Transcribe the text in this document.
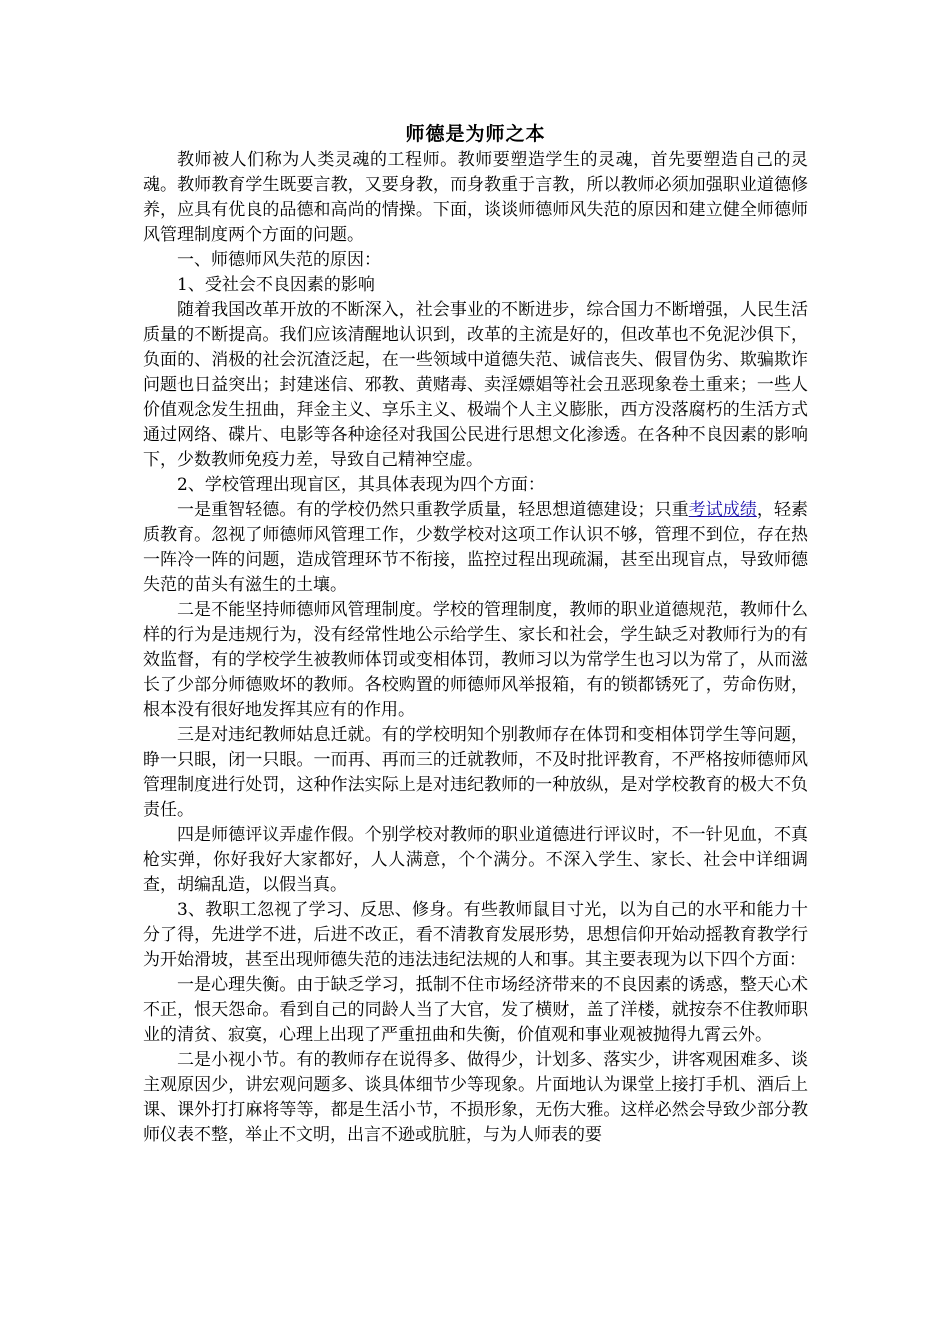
师德是为师之本

教师被人们称为人类灵魂的工程师。教师要塑造学生的灵魂，首先要塑造自己的灵魂。教师教育学生既要言教，又要身教，而身教重于言教，所以教师必须加强职业道德修养，应具有优良的品德和高尚的情操。下面，谈谈师德师风失范的原因和建立健全师德师风管理制度两个方面的问题。

一、师德师风失范的原因：

1、受社会不良因素的影响

随着我国改革开放的不断深入，社会事业的不断进步，综合国力不断增强，人民生活质量的不断提高。我们应该清醒地认识到，改革的主流是好的，但改革也不免泥沙俱下，负面的、消极的社会沉渣泛起，在一些领域中道德失范、诚信丧失、假冒伪劣、欺骗欺诈问题也日益突出；封建迷信、邪教、黄赌毒、卖淫嫖娼等社会丑恶现象卷土重来；一些人价值观念发生扭曲，拜金主义、享乐主义、极端个人主义膨胀，西方没落腐朽的生活方式通过网络、碟片、电影等各种途径对我国公民进行思想文化渗透。在各种不良因素的影响下，少数教师免疫力差，导致自己精神空虚。

2、学校管理出现盲区，其具体表现为四个方面：

一是重智轻德。有的学校仍然只重教学质量，轻思想道德建设；只重考试成绩，轻素质教育。忽视了师德师风管理工作，少数学校对这项工作认识不够，管理不到位，存在热一阵冷一阵的问题，造成管理环节不衔接，监控过程出现疏漏，甚至出现盲点，导致师德失范的苗头有滋生的土壤。

二是不能坚持师德师风管理制度。学校的管理制度，教师的职业道德规范，教师什么样的行为是违规行为，没有经常性地公示给学生、家长和社会，学生缺乏对教师行为的有效监督，有的学校学生被教师体罚或变相体罚，教师习以为常学生也习以为常了，从而滋长了少部分师德败坏的教师。各校购置的师德师风举报箱，有的锁都锈死了，劳命伤财，根本没有很好地发挥其应有的作用。

三是对违纪教师姑息迁就。有的学校明知个别教师存在体罚和变相体罚学生等问题，睁一只眼，闭一只眼。一而再、再而三的迁就教师，不及时批评教育，不严格按师德师风管理制度进行处罚，这种作法实际上是对违纪教师的一种放纵，是对学校教育的极大不负责任。

四是师德评议弄虚作假。个别学校对教师的职业道德进行评议时，不一针见血，不真枪实弹，你好我好大家都好，人人满意，个个满分。不深入学生、家长、社会中详细调查，胡编乱造，以假当真。

3、教职工忽视了学习、反思、修身。有些教师鼠目寸光，以为自己的水平和能力十分了得，先进学不进，后进不改正，看不清教育发展形势，思想信仰开始动摇教育教学行为开始滑坡，甚至出现师德失范的违法违纪法规的人和事。其主要表现为以下四个方面：

一是心理失衡。由于缺乏学习，抵制不住市场经济带来的不良因素的诱惑，整天心术不正，恨天怨命。看到自己的同龄人当了大官，发了横财，盖了洋楼，就按奈不住教师职业的清贫、寂寞，心理上出现了严重扭曲和失衡，价值观和事业观被抛得九霄云外。

二是小视小节。有的教师存在说得多、做得少，计划多、落实少，讲客观困难多、谈主观原因少，讲宏观问题多、谈具体细节少等现象。片面地认为课堂上接打手机、酒后上课、课外打打麻将等等，都是生活小节，不损形象，无伤大雅。这样必然会导致少部分教师仪表不整，举止不文明，出言不逊或肮脏，与为人师表的要
